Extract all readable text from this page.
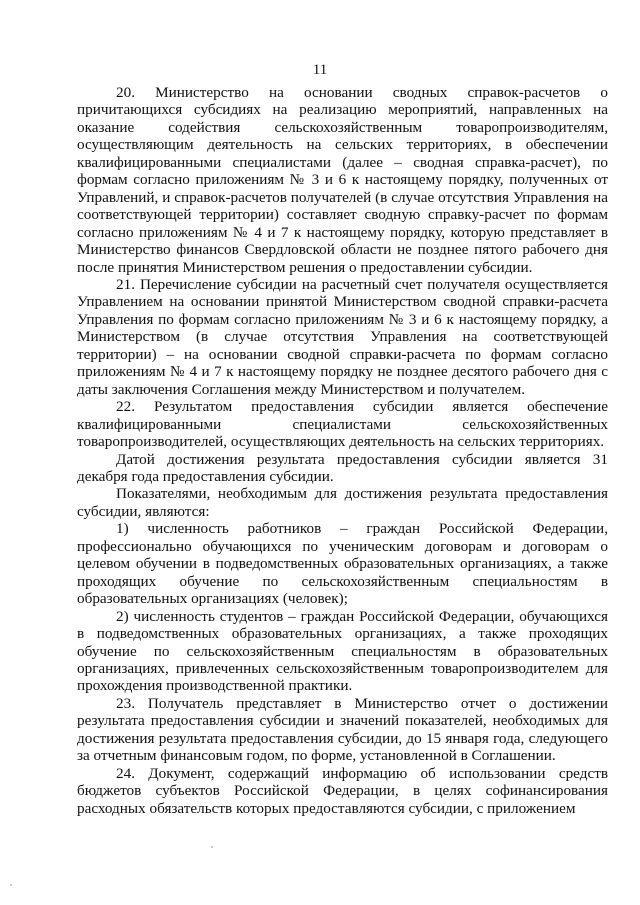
11

20. Министерство на основании сводных справок-расчетов о причитающихся субсидиях на реализацию мероприятий, направленных на оказание содействия сельскохозяйственным товаропроизводителям, осуществляющим деятельность на сельских территориях, в обеспечении квалифицированными специалистами (далее – сводная справка-расчет), по формам согласно приложениям № 3 и 6 к настоящему порядку, полученных от Управлений, и справок-расчетов получателей (в случае отсутствия Управления на соответствующей территории) составляет сводную справку-расчет по формам согласно приложениям № 4 и 7 к настоящему порядку, которую представляет в Министерство финансов Свердловской области не позднее пятого рабочего дня после принятия Министерством решения о предоставлении субсидии.

21. Перечисление субсидии на расчетный счет получателя осуществляется Управлением на основании принятой Министерством сводной справки-расчета Управления по формам согласно приложениям № 3 и 6 к настоящему порядку, а Министерством (в случае отсутствия Управления на соответствующей территории) – на основании сводной справки-расчета по формам согласно приложениям № 4 и 7 к настоящему порядку не позднее десятого рабочего дня с даты заключения Соглашения между Министерством и получателем.

22. Результатом предоставления субсидии является обеспечение квалифицированными специалистами сельскохозяйственных товаропроизводителей, осуществляющих деятельность на сельских территориях.

Датой достижения результата предоставления субсидии является 31 декабря года предоставления субсидии.

Показателями, необходимым для достижения результата предоставления субсидии, являются:

1) численность работников – граждан Российской Федерации, профессионально обучающихся по ученическим договорам и договорам о целевом обучении в подведомственных образовательных организациях, а также проходящих обучение по сельскохозяйственным специальностям в образовательных организациях (человек);

2) численность студентов – граждан Российской Федерации, обучающихся в подведомственных образовательных организациях, а также проходящих обучение по сельскохозяйственным специальностям в образовательных организациях, привлеченных сельскохозяйственным товаропроизводителем для прохождения производственной практики.

23. Получатель представляет в Министерство отчет о достижении результата предоставления субсидии и значений показателей, необходимых для достижения результата предоставления субсидии, до 15 января года, следующего за отчетным финансовым годом, по форме, установленной в Соглашении.

24. Документ, содержащий информацию об использовании средств бюджетов субъектов Российской Федерации, в целях софинансирования расходных обязательств которых предоставляются субсидии, с приложением
